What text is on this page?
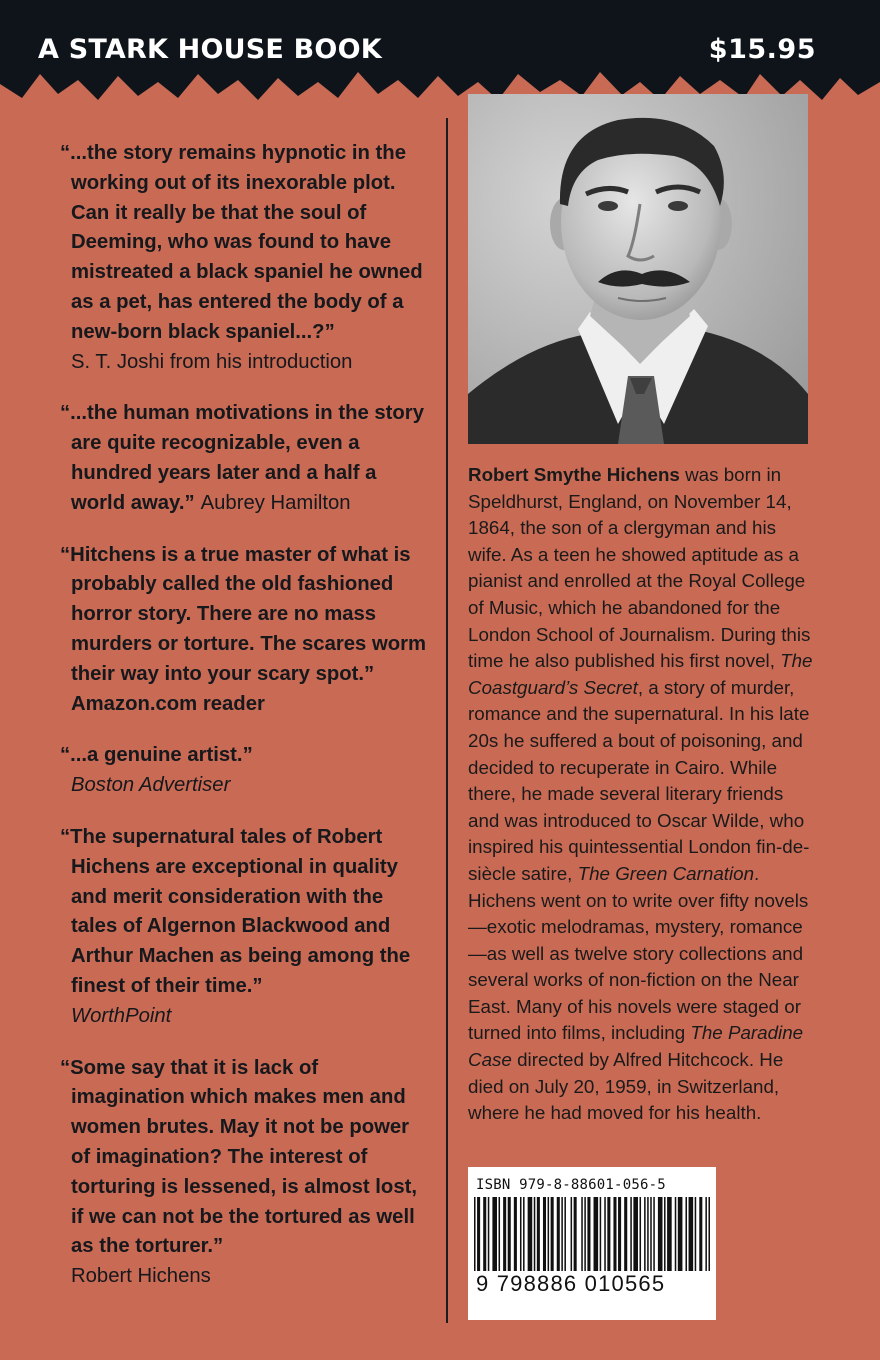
A STARK HOUSE BOOK	$15.95

“...the story remains hypnotic in the working out of its inexorable plot. Can it really be that the soul of Deeming, who was found to have mistreated a black spaniel he owned as a pet, has entered the body of a new-born black spaniel...?”

S. T. Joshi from his introduction

“...the human motivations in the story are quite recognizable, even a hundred years later and a half a world away.” Aubrey Hamilton

“Hitchens is a true master of what is probably called the old fashioned horror story. There are no mass murders or torture. The scares worm their way into your scary spot.”

Amazon.com reader

“...a genuine artist.”

Boston Advertiser

“The supernatural tales of Robert Hichens are exceptional in quality and merit consideration with the tales of Algernon Blackwood and Arthur Machen as being among the finest of their time.”

WorthPoint

“Some say that it is lack of imagination which makes men and women brutes. May it not be power of imagination? The interest of torturing is lessened, is almost lost, if we can not be the tortured as well as the torturer.”

Robert Hichens

Robert Smythe Hichens was born in Speldhurst, England, on November 14, 1864, the son of a clergyman and his wife. As a teen he showed aptitude as a pianist and enrolled at the Royal College of Music, which he abandoned for the London School of Journalism. During this time he also published his first novel, The Coastguard’s Secret, a story of murder, romance and the supernatural. In his late 20s he suffered a bout of poisoning, and decided to recuperate in Cairo. While there, he made several literary friends and was introduced to Oscar Wilde, who inspired his quintessential London fin-de-siècle satire, The Green Carnation. Hichens went on to write over fifty novels—exotic melodramas, mystery, romance—as well as twelve story collections and several works of non-fiction on the Near East. Many of his novels were staged or turned into films, including The Paradine Case directed by Alfred Hitchcock. He died on July 20, 1959, in Switzerland, where he had moved for his health.

ISBN 979-8-88601-056-5
9 798886 010565
